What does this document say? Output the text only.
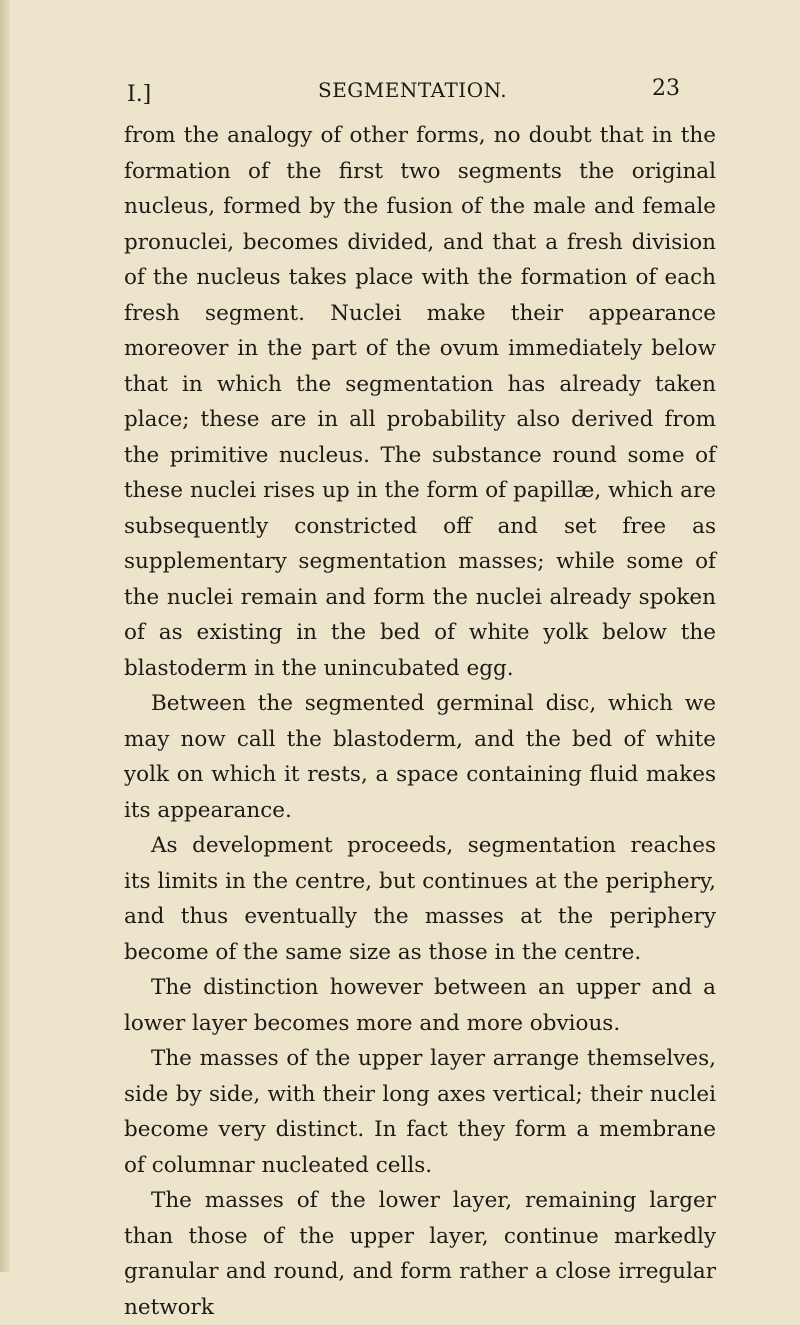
I.]	SEGMENTATION.	23

from the analogy of other forms, no doubt that in the formation of the first two segments the original nucleus, formed by the fusion of the male and female pronuclei, becomes divided, and that a fresh division of the nucleus takes place with the formation of each fresh segment. Nuclei make their appearance moreover in the part of the ovum immediately below that in which the segmentation has already taken place; these are in all probability also derived from the primitive nucleus. The substance round some of these nuclei rises up in the form of papillæ, which are subsequently constricted off and set free as supplementary segmentation masses; while some of the nuclei remain and form the nuclei already spoken of as existing in the bed of white yolk below the blastoderm in the unincubated egg.

Between the segmented germinal disc, which we may now call the blastoderm, and the bed of white yolk on which it rests, a space containing fluid makes its appearance.

As development proceeds, segmentation reaches its limits in the centre, but continues at the periphery, and thus eventually the masses at the periphery become of the same size as those in the centre.

The distinction however between an upper and a lower layer becomes more and more obvious.

The masses of the upper layer arrange themselves, side by side, with their long axes vertical; their nuclei become very distinct. In fact they form a membrane of columnar nucleated cells.

The masses of the lower layer, remaining larger than those of the upper layer, continue markedly granular and round, and form rather a close irregular network
